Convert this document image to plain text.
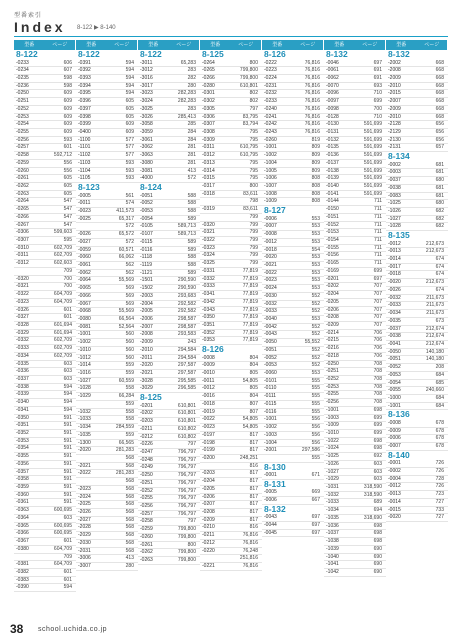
型番索引
Index 8-122 ▶ 8-140
型番	ページ
8-122
-0233	606
-0234	607
-0235	598
-0236	598
-0250	609
-0251	609
-0252	609
-0253	609
-0254	609
-0255	609
-0256	593
-0257	601
-0258	592,712
-0259	556
-0260	556
-0261	605
-0262	605
-0263	605
-0264	547
-0265	547
-0266	547
-0267	547
-0306	599,603
-0307	595
-0310	602,709
-0311	602,709
-0312	602,603
709
-0320	700
-0321	700
-0322	604,709
-0323	604,709
-0326	601
-0327	601
-0328	601,694
-0329	601,694
-0332	602,709
-0333	602,709
-0334	602,709
-0335	603
-0336	603
-0337	603
-0338	594
-0339	594
-0340	594
-0341	594
-0350	591
-0351	591
-0352	591
-0353	591
-0354	591
-0355	591
-0356	591
-0357	591
-0358	591
-0359	591
-0360	591
-0361	591
-0363	600,695
-0364	603
-0365	600,695
-0366	600,695
-0367	601
-0380	604,709
709
-0381	604,709
-0382	601
-0383	601
-0390	594
型番	ページ
8-122
-0391	594
-0392	594
-0393	594
-0394	594
-0395	594
-0396	605
-0397	605
-0398	605
-0399	609
-0400	609
-1100	577
-1101	577
-1102	577
-1103	593
-1104	593
-1105	593
8-123
-0005	561
-0011	574
-0023	411,573
-0025	65,317
572
-0026	65,572
-0027	572
-0059	60,571
-0060	66,062
-0061	562
-0062	562
-0064	55,569
-0065	569
-0066	569
-0067	569
-0068	55,569
-0080	66,564
-0081	52,564
-1001	560
-1002	560
-1010	560
-1012	560
-1014	559
-1016	559
-1027	60,559
-1028	558
-1029	66,284
559
-1032	558
-1033	558
-1034	284,559
-1035	559
-1300	66,565
-2020	281,283
568
-2021	568
-2022	281,283
568
-2023	568
-2024	568
-2025	568
-2026	568
-2027	568
-2028	568
-2029	568
-2030	568
-2031	568
-3006	413
-3007	280
型番	ページ
8-122
-3011	65,283
-3012	283
-3016	282
-3017	280
-3023	282,283
-3024	282,283
-3025	283
-3026	285,413
-3058	285
-3059	284
-3061	284
-3062	281
-3063	281
-3080	281
-3081	413
-4000	572
8-124
-0051	588
-0052	588
-0053	588
-0054	589
-0105	589,713
-0107	589,713
-0115	589
-0116	589
-1118	588
-1119	588
-1121	589
-1501	290,590
-1502	290,590
-2003	293,683
-2004	292,582
-2005	292,582
-2006	298,587
-2007	298,587
-2008	293,583
-2009	243
-2010	294,584
-2011	294,584
-2020	297,587
-2021	297,587
-3028	295,585
-3029	296,585
8-125
-0201	610,801
-0202	610,801
-0203	610,801
-0211	610,802
-0212	610,802
-0226	797
-0247	796,797
-0248	796,797
-0249	796,797
-0250	796,797
-0251	796,797
-0252	796,797
-0255	796,797
-0256	796,797
-0257	796,797
-0258	797
-0259	799,800
-0260	799,800
-0261	800
-0262	799,800
-0263	799,800
型番	ページ
8-125
-0264	800
-0265	799,800
-0266	799,800
-0280	610,801
-0301	802
-0302	802
-0305	797
-0306	83,795
-0307	83,794
-0308	795
-0309	795
-0311	610,795
-0312	610,795
-0313	795
-0314	795
-0315	795
-0317	800
-0318	83,611
798
-0319	83,611
799
-0320	799
-0321	799
-0322	799
-0323	799
-0324	799
-0325	799
-0331	77,819
-0332	77,819
-0333	77,819
-0341	77,819
-0342	77,819
-0343	77,819
-0350	77,819
-0351	77,819
-0352	77,819
-0353	77,819
8-126
-0008	804
-0009	804
-0010	805
-0011	54,805
-0012	805
-0016	804
-0018	807
-0019	807
-0022	54,805
-0023	54,805
-0197	817
-0198	817
-0199	817
-0200	248,251
816
-0203	817
-0204	817
-0205	817
-0206	817
-0207	817
-0208	817
-0209	817
-0210	816
-0211	76,816
-0212	76,816
-0220	76,248
251,816
-0221	76,816
型番	ページ
8-126
-0222	76,816
-0223	76,816
-0224	76,816
-0231	76,816
-0232	76,816
-0233	76,816
-0240	76,816
-0241	76,816
-0242	76,816
-0243	76,816
-0260	819
-1001	809
-1002	809
-1004	809
-1005	809
-1006	808
-1007	808
-1008	808
-1009	808
8-127
-0006	553
-0007	553
-0008	553
-0012	553
-0018	554
-0020	553
-0021	553
-0022	553
-0023	553
-0024	553
-0030	552
-0032	552
-0033	552
-0040	553
-0042	552
-0043	552
-0050	55,552
-0051	552
-0052	552
-0053	552
-0060	553
-0101	555
-0110	555
-0111	555
-0115	555
-0116	555
-1001	556
-1002	556
-1003	556
-1004	556
-2001	297,586
555
8-130
-0001	671
8-131
-0005	669
-0006	667
8-132
-0043	697
-0044	697
-0045	697
型番	ページ
8-132
-0046	697
-0061	691
-0062	691
-0070	693
-0096	710
-0097	699
-0098	700
-0128	710
-0130	591,699
-0131	591,699
-0132	591,699
-0135	591,699
-0136	591,699
-0137	591,699
-0138	591,699
-0139	591,699
-0140	591,699
-0141	591,699
-0144	711
-0150	711
-0151	711
-0152	711
-0153	711
-0154	711
-0155	711
-0156	711
-0165	711
-0169	699
-0201	697
-0202	707
-0204	707
-0205	707
-0206	707
-0208	707
-0209	707
-0214	706
-0215	706
-0216	706
-0218	706
-0250	708
-0251	708
-0252	708
-0253	708
-0255	708
-0256	708
-1001	698
-1003	699
-1009	699
-1010	699
-1022	698
-1024	698
-1025	692
-1026	603
-1027	603
-1029	603
-1031	318,590
-1032	318,590
-1033	689
-1034	694
-1035	318,690
-1036	698
-1037	698
-1038	698
-1039	690
-1040	690
-1041	690
-1042	690
型番	ページ
8-132
-2002	668
-2008	668
-2009	668
-2010	668
-2015	668
-2007	668
-2009	668
-2010	668
-2128	656
-2129	656
-2130	656
-2131	657
8-134
-0002	681
-0003	681
-0037	680
-0038	681
-0083	681
-1025	680
-1026	682
-1027	682
-1028	682
8-135
-0012	212,673
-0013	212,673
-0014	674
-0017	674
-0018	674
-0020	212,673
-0026	674
-0032	211,673
-0033	211,673
-0034	211,673
-0035	673
-0037	212,674
-0038	212,674
-0041	212,674
-0050	140,180
-0051	140,180
-0052	208
-0053	684
-0054	685
-0055	240,660
-1000	684
-1001	684
8-136
-0008	678
-0009	678
-0006	678
-0007	678
8-140
-0001	726
-0002	726
-0004	728
-0012	726
-0013	723
-0014	727
-0015	733
-0020	727
38 school.uchida.co.jp
